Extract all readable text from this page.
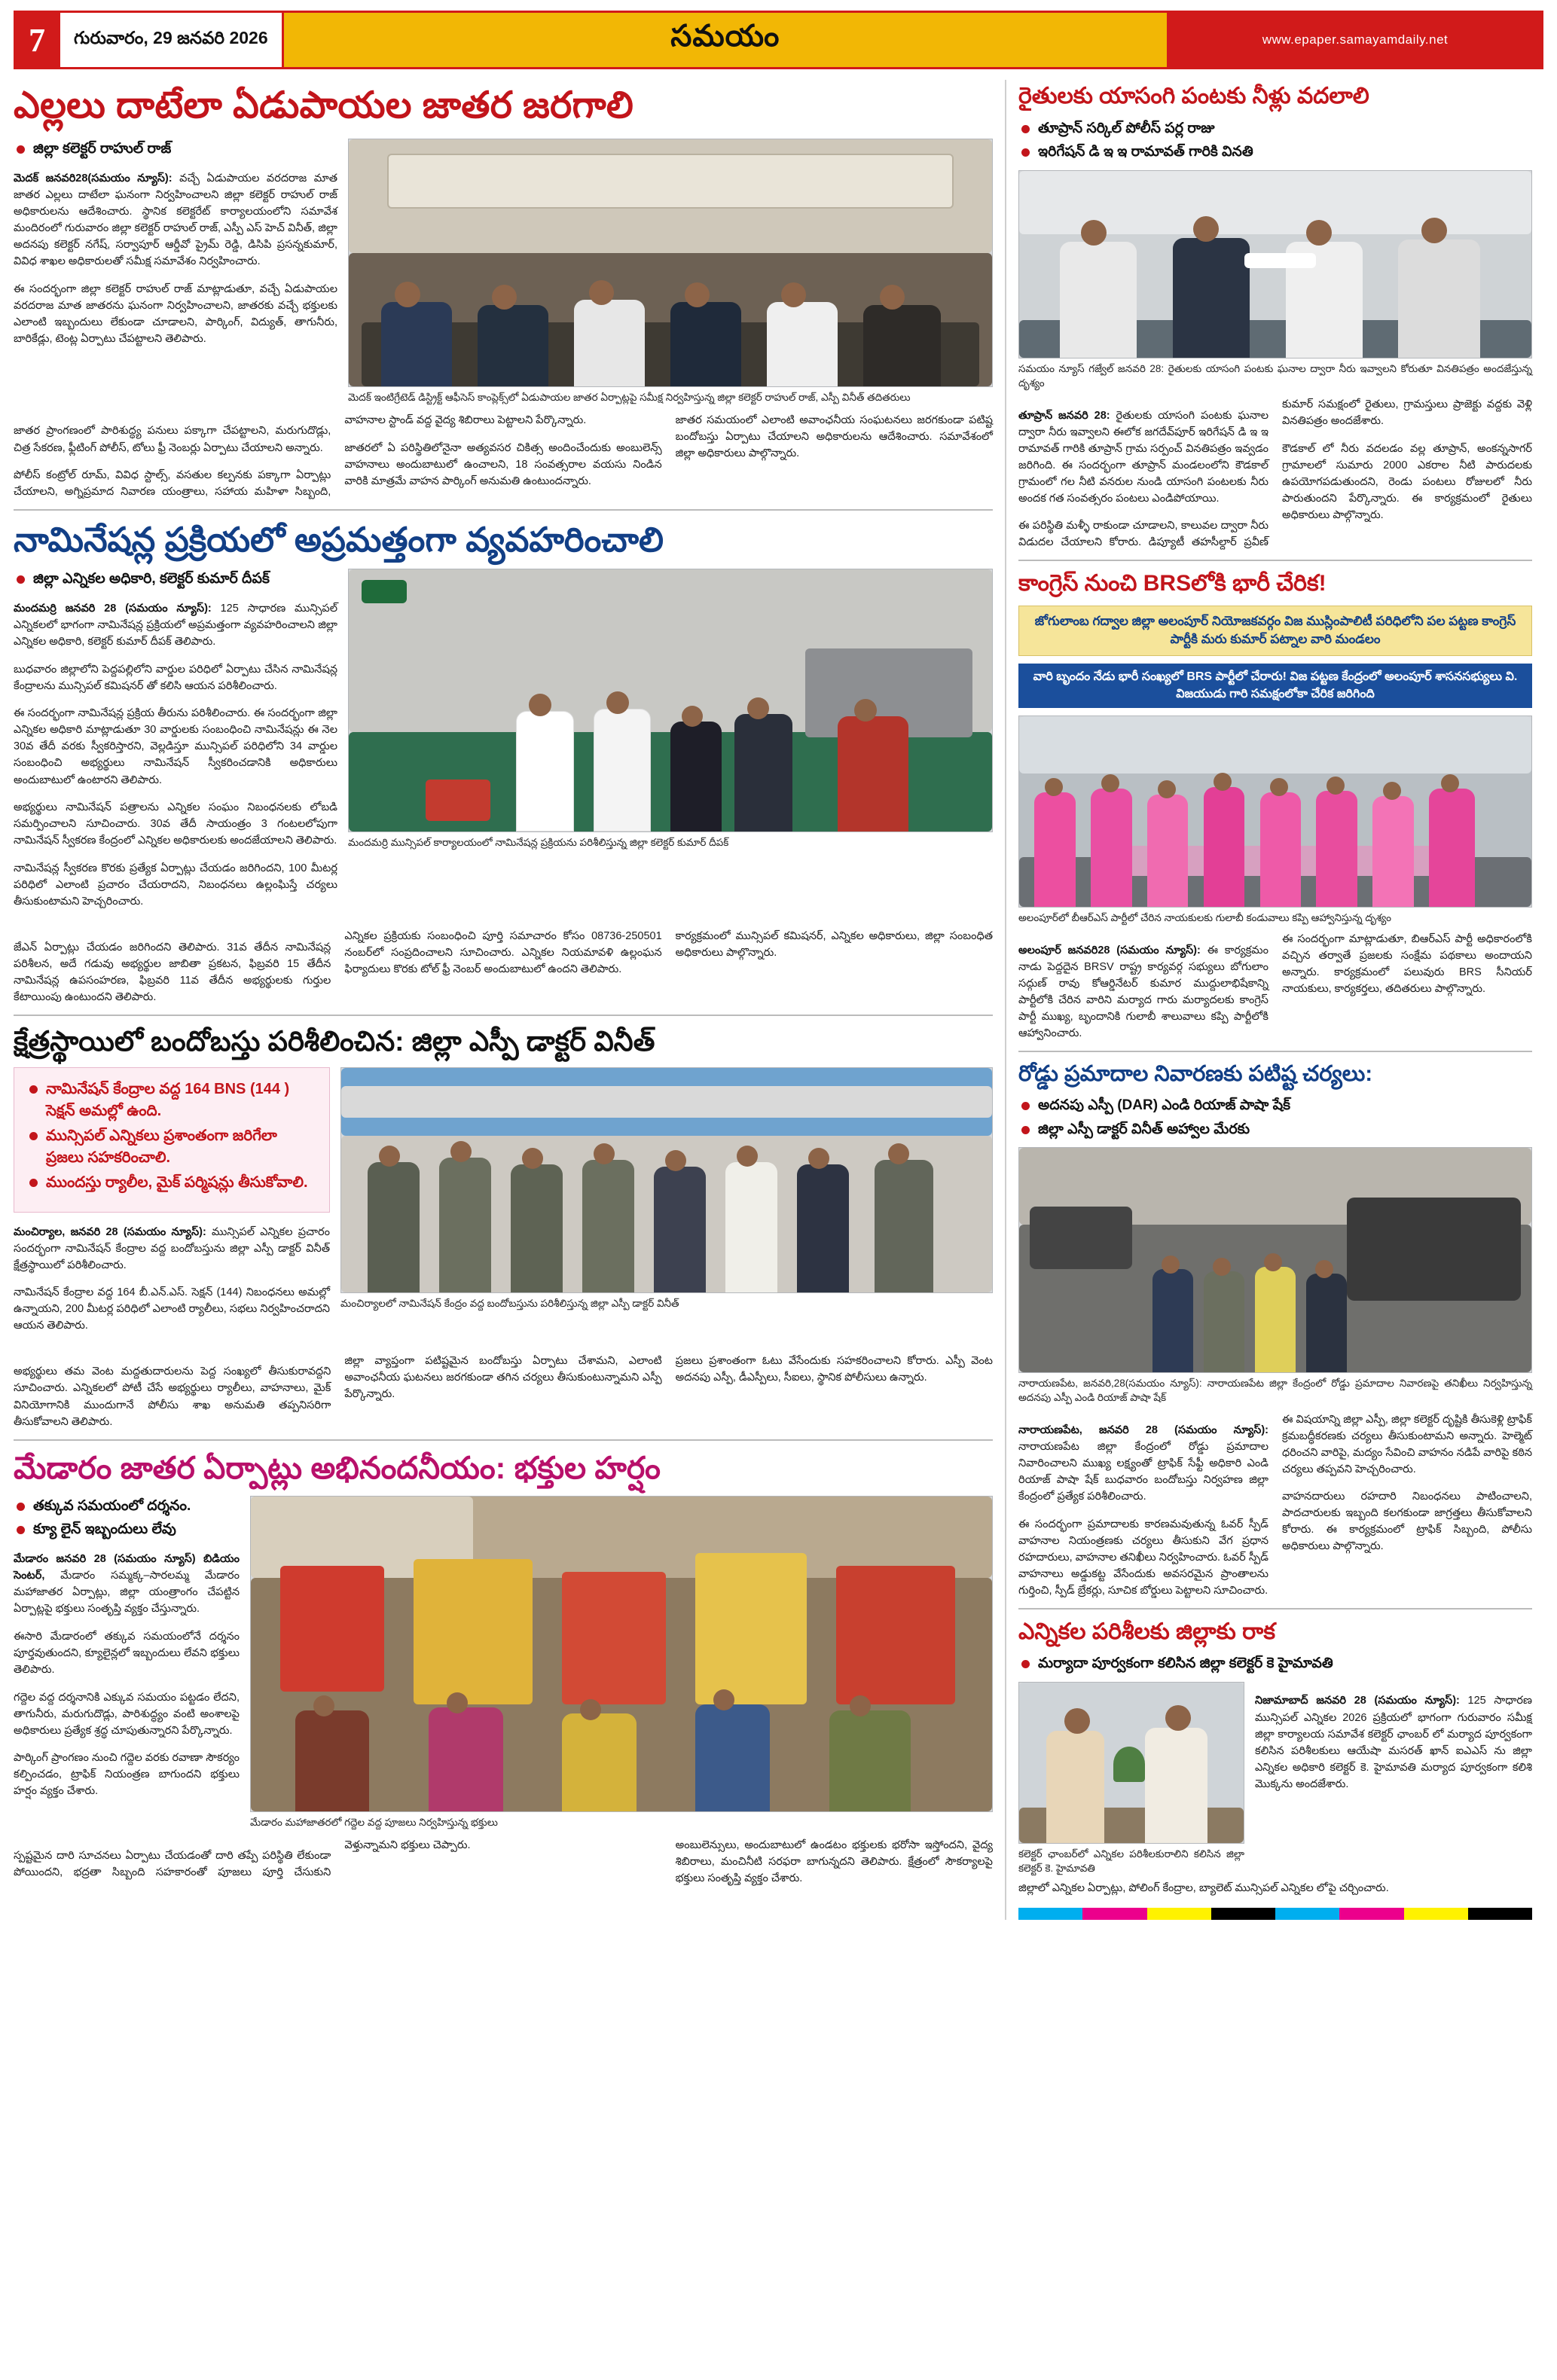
7	గురువారం, 29 జనవరి 2026	సమయం	www.epaper.samayamdaily.net
ఎల్లలు దాటేలా ఏడుపాయల జాతర జరగాలి
జిల్లా కలెక్టర్ రాహుల్ రాజ్

మెదక్ జనవరి28(సమయం న్యూస్): వచ్చే ఏడుపాయల వరదరాజ మాత జాతర ఎల్లలు దాటేలా ఘనంగా నిర్వహించాలని జిల్లా కలెక్టర్ రాహుల్ రాజ్ అధికారులను ఆదేశించారు. స్థానిక కలెక్టరేట్ కార్యాలయంలోని సమావేశ మందిరంలో గురువారం జిల్లా కలెక్టర్ రాహుల్ రాజ్, ఎస్పీ ఎస్ హెచ్ వినీత్, జిల్లా అదనపు కలెక్టర్ నగేష్, సర్వాపూర్ ఆర్డీవో ప్రైమ్ రెడ్డి, డిసిపి ప్రసన్నకుమార్, వివిధ శాఖల అధికారులతో సమీక్ష సమావేశం నిర్వహించారు.

ఈ సందర్భంగా జిల్లా కలెక్టర్ రాహుల్ రాజ్ మాట్లాడుతూ, వచ్చే ఏడుపాయల వరదరాజ మాత జాతరను ఘనంగా నిర్వహించాలని, జాతరకు వచ్చే భక్తులకు ఎలాంటి ఇబ్బందులు లేకుండా చూడాలని, పార్కింగ్, విద్యుత్, తాగునీరు, బారికేడ్లు, టెంట్ల ఏర్పాటు చేపట్టాలని తెలిపారు.

మెదక్ ఇంటిగ్రేటెడ్ డిస్ట్రిక్ట్ ఆఫీసెస్ కాంప్లెక్స్‌లో ఏడుపాయల జాతర ఏర్పాట్లపై సమీక్ష నిర్వహిస్తున్న జిల్లా కలెక్టర్ రాహుల్ రాజ్, ఎస్పీ వినీత్ తదితరులు

జాతర ప్రాంగణంలో పారిశుద్ధ్య పనులు పక్కాగా చేపట్టాలని, మరుగుదొడ్లు, చిత్ర సేకరణ, ఫ్లీటింగ్ పోలీస్, టోలు ఫ్రీ నెంబర్లు ఏర్పాటు చేయాలని అన్నారు.

పోలీస్ కంట్రోల్ రూమ్, వివిధ స్టాల్స్, వసతుల కల్పనకు పక్కాగా ఏర్పాట్లు చేయాలని, అగ్నిప్రమాద నివారణ యంత్రాలు, సహాయ మహిళా సిబ్బంది, వాహనాల స్టాండ్ వద్ద వైద్య శిబిరాలు పెట్టాలని పేర్కొన్నారు.

జాతరలో ఏ పరిస్థితిలోనైనా అత్యవసర చికిత్స అందించేందుకు అంబులెన్స్ వాహనాలు అందుబాటులో ఉంచాలని, 18 సంవత్సరాల వయసు నిండిన వారికి మాత్రమే వాహన పార్కింగ్ అనుమతి ఉంటుందన్నారు.

జాతర సమయంలో ఎలాంటి అవాంఛనీయ సంఘటనలు జరగకుండా పటిష్ట బందోబస్తు ఏర్పాటు చేయాలని అధికారులను ఆదేశించారు. సమావేశంలో జిల్లా అధికారులు పాల్గొన్నారు.

నామినేషన్ల ప్రక్రియలో అప్రమత్తంగా వ్యవహరించాలి
జిల్లా ఎన్నికల అధికారి, కలెక్టర్ కుమార్ దీపక్

మందమర్రి జనవరి 28 (సమయం న్యూస్): 125 సాధారణ మున్సిపల్ ఎన్నికలలో భాగంగా నామినేషన్ల ప్రక్రియలో అప్రమత్తంగా వ్యవహరించాలని జిల్లా ఎన్నికల అధికారి, కలెక్టర్ కుమార్ దీపక్ తెలిపారు.

బుధవారం జిల్లాలోని పెద్దపల్లిలోని వార్డుల పరిధిలో ఏర్పాటు చేసిన నామినేషన్ల కేంద్రాలను మున్సిపల్ కమిషనర్ తో కలిసి ఆయన పరిశీలించారు.

ఈ సందర్భంగా నామినేషన్ల ప్రక్రియ తీరును పరిశీలించారు. ఈ సందర్భంగా జిల్లా ఎన్నికల అధికారి మాట్లాడుతూ 30 వార్డులకు సంబంధించి నామినేషన్లు ఈ నెల 30వ తేదీ వరకు స్వీకరిస్తారని, వెల్లడిస్తూ మున్సిపల్ పరిధిలోని 34 వార్డుల సంబంధించి అభ్యర్థులు నామినేషన్ స్వీకరించడానికి అధికారులు అందుబాటులో ఉంటారని తెలిపారు.

అభ్యర్థులు నామినేషన్ పత్రాలను ఎన్నికల సంఘం నిబంధనలకు లోబడి సమర్పించాలని సూచించారు. 30వ తేదీ సాయంత్రం 3 గంటలలోపుగా నామినేషన్ స్వీకరణ కేంద్రంలో ఎన్నికల అధికారులకు అందజేయాలని తెలిపారు.

నామినేషన్ల స్వీకరణ కొరకు ప్రత్యేక ఏర్పాట్లు చేయడం జరిగిందని, 100 మీటర్ల పరిధిలో ఎలాంటి ప్రచారం చేయరాదని, నిబంధనలు ఉల్లంఘిస్తే చర్యలు తీసుకుంటామని హెచ్చరించారు.

మందమర్రి మున్సిపల్ కార్యాలయంలో నామినేషన్ల ప్రక్రియను పరిశీలిస్తున్న జిల్లా కలెక్టర్ కుమార్ దీపక్

జేఎన్ ఏర్పాట్లు చేయడం జరిగిందని తెలిపారు. 31వ తేదీన నామినేషన్ల పరిశీలన, అదే గడువు అభ్యర్థుల జాబితా ప్రకటన, ఫిబ్రవరి 15 తేదీన నామినేషన్ల ఉపసంహరణ, ఫిబ్రవరి 11వ తేదీన అభ్యర్థులకు గుర్తుల కేటాయింపు ఉంటుందని తెలిపారు.

ఎన్నికల ప్రక్రియకు సంబంధించి పూర్తి సమాచారం కోసం 08736-250501 నంబర్‌లో సంప్రదించాలని సూచించారు. ఎన్నికల నియమావళి ఉల్లంఘన ఫిర్యాదులు కొరకు టోల్ ఫ్రీ నెంబర్ అందుబాటులో ఉందని తెలిపారు.

కార్యక్రమంలో మున్సిపల్ కమిషనర్, ఎన్నికల అధికారులు, జిల్లా సంబంధిత అధికారులు పాల్గొన్నారు.

క్షేత్రస్థాయిలో బందోబస్తు పరిశీలించిన: జిల్లా ఎస్పీ డాక్టర్ వినీత్
నామినేషన్ కేంద్రాల వద్ద 164 BNS (144 ) సెక్షన్ అమల్లో ఉంది.
మున్సిపల్ ఎన్నికలు ప్రశాంతంగా జరిగేలా ప్రజలు సహకరించాలి.
ముందస్తు ర్యాలీల, మైక్ పర్మిషన్లు తీసుకోవాలి.

మంచిర్యాల, జనవరి 28 (సమయం న్యూస్): మున్సిపల్ ఎన్నికల ప్రచారం సందర్భంగా నామినేషన్ కేంద్రాల వద్ద బందోబస్తును జిల్లా ఎస్పీ డాక్టర్ వినీత్ క్షేత్రస్థాయిలో పరిశీలించారు.

నామినేషన్ కేంద్రాల వద్ద 164 బీ.ఎన్.ఎస్. సెక్షన్ (144) నిబంధనలు అమల్లో ఉన్నాయని, 200 మీటర్ల పరిధిలో ఎలాంటి ర్యాలీలు, సభలు నిర్వహించరాదని ఆయన తెలిపారు.

మంచిర్యాలలో నామినేషన్ కేంద్రం వద్ద బందోబస్తును పరిశీలిస్తున్న జిల్లా ఎస్పీ డాక్టర్ వినీత్

అభ్యర్థులు తమ వెంట మద్దతుదారులను పెద్ద సంఖ్యలో తీసుకురావద్దని సూచించారు. ఎన్నికలలో పోటీ చేసే అభ్యర్థులు ర్యాలీలు, వాహనాలు, మైక్ వినియోగానికి ముందుగానే పోలీసు శాఖ అనుమతి తప్పనిసరిగా తీసుకోవాలని తెలిపారు.

జిల్లా వ్యాప్తంగా పటిష్టమైన బందోబస్తు ఏర్పాటు చేశామని, ఎలాంటి అవాంఛనీయ ఘటనలు జరగకుండా తగిన చర్యలు తీసుకుంటున్నామని ఎస్పీ పేర్కొన్నారు.

ప్రజలు ప్రశాంతంగా ఓటు వేసేందుకు సహకరించాలని కోరారు. ఎస్పీ వెంట అదనపు ఎస్పీ, డీఎస్పీలు, సీఐలు, స్థానిక పోలీసులు ఉన్నారు.

మేడారం జాతర ఏర్పాట్లు అభినందనీయం: భక్తుల హర్షం
తక్కువ సమయంలో దర్శనం.
క్యూ లైన్ ఇబ్బందులు లేవు

మేడారం జనవరి 28 (సమయం న్యూస్) బిడియం సెంటర్, మేడారం సమ్మక్క–సారలమ్మ మేడారం మహాజాతర ఏర్పాట్లు, జిల్లా యంత్రాంగం చేపట్టిన ఏర్పాట్లపై భక్తులు సంతృప్తి వ్యక్తం చేస్తున్నారు.

ఈసారి మేడారంలో తక్కువ సమయంలోనే దర్శనం పూర్తవుతుందని, క్యూలైన్లలో ఇబ్బందులు లేవని భక్తులు తెలిపారు.

గద్దెల వద్ద దర్శనానికి ఎక్కువ సమయం పట్టడం లేదని, తాగునీరు, మరుగుదొడ్లు, పారిశుద్ధ్యం వంటి అంశాలపై అధికారులు ప్రత్యేక శ్రద్ధ చూపుతున్నారని పేర్కొన్నారు.

పార్కింగ్ ప్రాంగణం నుంచి గద్దెల వరకు రవాణా సౌకర్యం కల్పించడం, ట్రాఫిక్ నియంత్రణ బాగుందని భక్తులు హర్షం వ్యక్తం చేశారు.

మేడారం మహాజాతరలో గద్దెల వద్ద పూజలు నిర్వహిస్తున్న భక్తులు

స్పష్టమైన దారి సూచనలు ఏర్పాటు చేయడంతో దారి తప్పే పరిస్థితి లేకుండా పోయిందని, భద్రతా సిబ్బంది సహకారంతో పూజలు పూర్తి చేసుకుని వెళ్తున్నామని భక్తులు చెప్పారు.	అంబులెన్సులు, అందుబాటులో ఉండటం భక్తులకు భరోసా ఇస్తోందని, వైద్య శిబిరాలు, మంచినీటి సరఫరా బాగున్నదని తెలిపారు. క్షేత్రంలో సౌకర్యాలపై భక్తులు సంతృప్తి వ్యక్తం చేశారు.

రైతులకు యాసంగి పంటకు నీళ్లు వదలాలి
తూప్రాన్ సర్కిల్ పోలీస్ పర్ల రాజు
ఇరిగేషన్ డి ఇ ఇ రామావత్ గారికి వినతి
సమయం న్యూస్ గజ్వేల్ జనవరి 28: రైతులకు యాసంగి పంటకు ఘనాల ద్వారా నీరు ఇవ్వాలని కోరుతూ వినతిపత్రం అందజేస్తున్న దృశ్యం

తూప్రాన్ జనవరి 28: రైతులకు యాసంగి పంటకు ఘనాల ద్వారా నీరు ఇవ్వాలని ఈలోక జగదేవ్‌పూర్ ఇరిగేషన్ డి ఇ ఇ రామావత్ గారికి తూప్రాన్ గ్రామ సర్పంచ్ వినతిపత్రం ఇవ్వడం జరిగింది. ఈ సందర్భంగా తూప్రాన్ మండలంలోని కౌడకాల్ గ్రామంలో గల నీటి వనరుల నుండి యాసంగి పంటలకు నీరు అందక గత సంవత్సరం పంటలు ఎండిపోయాయి.

ఈ పరిస్థితి మళ్ళీ రాకుండా చూడాలని, కాలువల ద్వారా నీరు విడుదల చేయాలని కోరారు. డిప్యూటీ తహసీల్దార్ ప్రవీణ్ కుమార్ సమక్షంలో రైతులు, గ్రామస్తులు ప్రాజెక్టు వద్దకు వెళ్లి వినతిపత్రం అందజేశారు.

కౌడకాల్ లో నీరు వదలడం వల్ల తూప్రాన్, అంకన్నసాగర్ గ్రామాలలో సుమారు 2000 ఎకరాల నీటి పారుదలకు ఉపయోగపడుతుందని, రెండు పంటలు రోజులలో నీరు పారుతుందని పేర్కొన్నారు. ఈ కార్యక్రమంలో రైతులు అధికారులు పాల్గొన్నారు.

కాంగ్రెస్ నుంచి BRSలోకి భారీ చేరిక!
జోగులాంబ గద్వాల జిల్లా అలంపూర్ నియోజకవర్గం విజ ముస్లింపాలిటీ పరిధిలోని పల పట్టణ కాంగ్రెస్ పార్టీకి మరు కుమార్ పట్నాల వారి మండలం
వారి బృందం నేడు భారీ సంఖ్యలో BRS పార్టీలో చేరారు! విజ పట్టణ కేంద్రంలో అలంపూర్ శాసనసభ్యులు వి. విజయుడు గారి సమక్షంలోకా చేరిక జరిగింది
అలంపూర్‌లో బీఆర్ఎస్ పార్టీలో చేరిన నాయకులకు గులాబీ కండువాలు కప్పి ఆహ్వానిస్తున్న దృశ్యం

అలంపూర్ జనవరి28 (సమయం న్యూస్): ఈ కార్యక్రమం నాడు పెద్దదైన BRSV రాష్ట్ర కార్యవర్గ సభ్యులు బోగులాం సద్గుణ్ రావు కోఆర్డినేటర్ కుమార ముద్దులాభిషేకాన్ని పార్టీలోకి చేరిన వారిని మర్యాద గారు మర్యాదలకు కాంగ్రెస్ పార్టీ ముఖ్య, బృందానికి గులాబీ శాలువాలు కప్పి పార్టీలోకి ఆహ్వానించారు.

ఈ సందర్భంగా మాట్లాడుతూ, బిఆర్ఎస్ పార్టీ అధికారంలోకి వచ్చిన తర్వాతే ప్రజలకు సంక్షేమ పథకాలు అందాయని అన్నారు. కార్యక్రమంలో పలువురు BRS సీనియర్ నాయకులు, కార్యకర్తలు, తదితరులు పాల్గొన్నారు.

రోడ్డు ప్రమాదాల నివారణకు పటిష్ట చర్యలు:
అదనపు ఎస్పీ (DAR) ఎండి రియాజ్ పాషా షేక్
జిల్లా ఎస్పీ డాక్టర్ వినీత్ అహ్వాల మేరకు
నారాయణపేట, జనవరి,28(సమయం న్యూస్): నారాయణపేట జిల్లా కేంద్రంలో రోడ్డు ప్రమాదాల నివారణపై తనిఖీలు నిర్వహిస్తున్న అదనపు ఎస్పీ ఎండి రియాజ్ పాషా షేక్

నారాయణపేట, జనవరి 28 (సమయం న్యూస్): నారాయణపేట జిల్లా కేంద్రంలో రోడ్డు ప్రమాదాల నివారించాలని ముఖ్య లక్ష్యంతో ట్రాఫిక్ సేఫ్టీ అధికారి ఎండి రియాజ్ పాషా షేక్ బుధవారం బందోబస్తు నిర్వహణ జిల్లా కేంద్రంలో ప్రత్యేక పరిశీలించారు.

ఈ సందర్భంగా ప్రమాదాలకు కారణమవుతున్న ఓవర్ స్పీడ్ వాహనాల నియంత్రణకు చర్యలు తీసుకుని వేగ ప్రధాన రహదారులు, వాహనాల తనిఖీలు నిర్వహించారు. ఓవర్ స్పీడ్ వాహనాలు అడ్డుకట్ట వేసేందుకు అవసరమైన ప్రాంతాలను గుర్తించి, స్పీడ్ బ్రేకర్లు, సూచిక బోర్డులు పెట్టాలని సూచించారు.

ఈ విషయాన్ని జిల్లా ఎస్పీ, జిల్లా కలెక్టర్ దృష్టికి తీసుకెళ్లి ట్రాఫిక్ క్రమబద్ధీకరణకు చర్యలు తీసుకుంటామని అన్నారు. హెల్మెట్ ధరించని వారిపై, మద్యం సేవించి వాహనం నడిపే వారిపై కఠిన చర్యలు తప్పవని హెచ్చరించారు.

వాహనదారులు రహదారి నిబంధనలు పాటించాలని, పాదచారులకు ఇబ్బంది కలగకుండా జాగ్రత్తలు తీసుకోవాలని కోరారు. ఈ కార్యక్రమంలో ట్రాఫిక్ సిబ్బంది, పోలీసు అధికారులు పాల్గొన్నారు.

ఎన్నికల పరిశీలకు జిల్లాకు రాక
మర్యాదా పూర్వకంగా కలిసిన జిల్లా కలెక్టర్ కె హైమావతి
కలెక్టర్ ఛాంబర్‌లో ఎన్నికల పరిశీలకురాలిని కలిసిన జిల్లా కలెక్టర్ కె. హైమావతి

నిజామాబాద్ జనవరి 28 (సమయం న్యూస్): 125 సాధారణ మున్సిపల్ ఎన్నికల 2026 ప్రక్రియలో భాగంగా గురువారం సమీక్ష జిల్లా కార్యాలయ సమావేశ కలెక్టర్ ఛాంబర్ లో మర్యాద పూర్వకంగా కలిసిన పరిశీలకులు ఆయేషా మసరత్ ఖాన్ ఐఎఎస్ ను జిల్లా ఎన్నికల అధికారి కలెక్టర్ కె. హైమావతి మర్యాద పూర్వకంగా కలిశి మొక్కను అందజేశారు.

జిల్లాలో ఎన్నికల ఏర్పాట్లు, పోలింగ్ కేంద్రాల, బ్యాలెట్ మున్సిపల్ ఎన్నికల లోపై చర్చించారు.
